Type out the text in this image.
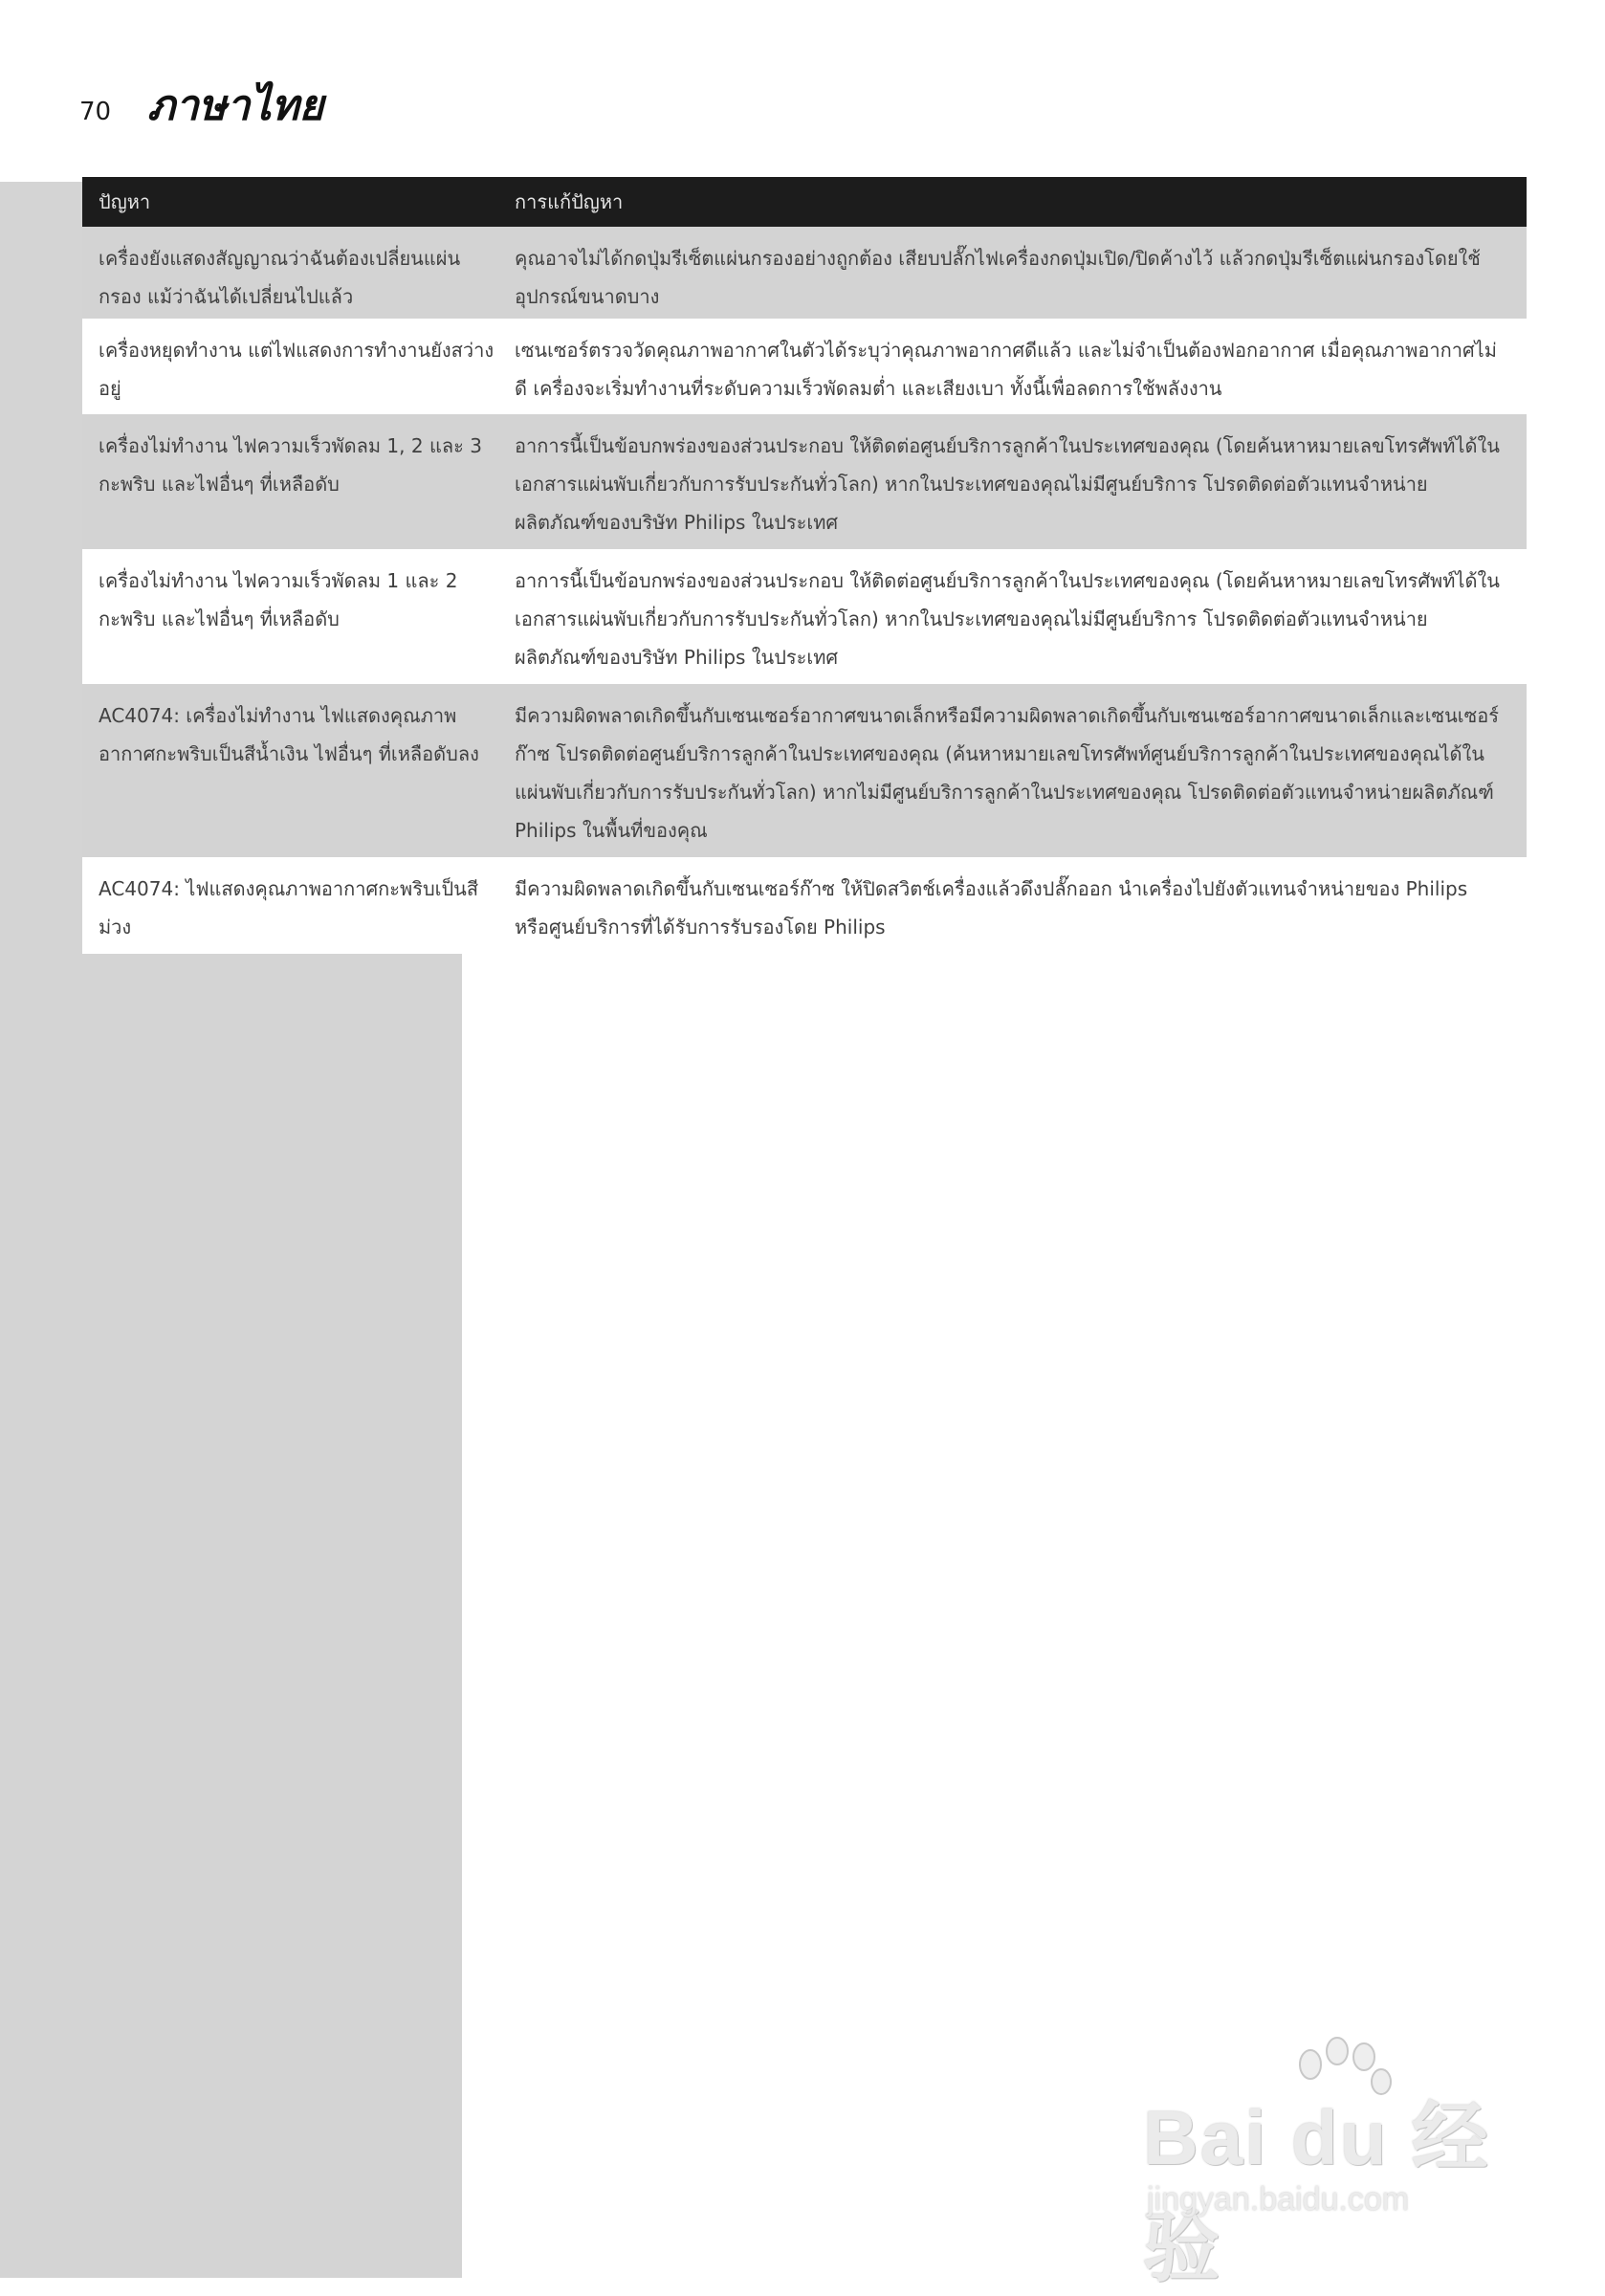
70 ภาษาไทย
ปัญหา	การแก้ปัญหา
เครื่องยังแสดงสัญญาณว่าฉันต้องเปลี่ยนแผ่นกรอง แม้ว่าฉันได้เปลี่ยนไปแล้ว
คุณอาจไม่ได้กดปุ่มรีเซ็ตแผ่นกรองอย่างถูกต้อง เสียบปลั๊กไฟเครื่องกดปุ่มเปิด/ปิดค้างไว้ แล้วกดปุ่มรีเซ็ตแผ่นกรองโดยใช้อุปกรณ์ขนาดบาง
เครื่องหยุดทำงาน แต่ไฟแสดงการทำงานยังสว่างอยู่
เซนเซอร์ตรวจวัดคุณภาพอากาศในตัวได้ระบุว่าคุณภาพอากาศดีแล้ว และไม่จำเป็นต้องฟอกอากาศ เมื่อคุณภาพอากาศไม่ดี เครื่องจะเริ่มทำงานที่ระดับความเร็วพัดลมต่ำ และเสียงเบา ทั้งนี้เพื่อลดการใช้พลังงาน
เครื่องไม่ทำงาน ไฟความเร็วพัดลม 1, 2 และ 3 กะพริบ และไฟอื่นๆ ที่เหลือดับ
อาการนี้เป็นข้อบกพร่องของส่วนประกอบ ให้ติดต่อศูนย์บริการลูกค้าในประเทศของคุณ (โดยค้นหาหมายเลขโทรศัพท์ได้ในเอกสารแผ่นพับเกี่ยวกับการรับประกันทั่วโลก) หากในประเทศของคุณไม่มีศูนย์บริการ โปรดติดต่อตัวแทนจำหน่ายผลิตภัณฑ์ของบริษัท Philips ในประเทศ
เครื่องไม่ทำงาน ไฟความเร็วพัดลม 1 และ 2 กะพริบ และไฟอื่นๆ ที่เหลือดับ
อาการนี้เป็นข้อบกพร่องของส่วนประกอบ ให้ติดต่อศูนย์บริการลูกค้าในประเทศของคุณ (โดยค้นหาหมายเลขโทรศัพท์ได้ในเอกสารแผ่นพับเกี่ยวกับการรับประกันทั่วโลก) หากในประเทศของคุณไม่มีศูนย์บริการ โปรดติดต่อตัวแทนจำหน่ายผลิตภัณฑ์ของบริษัท Philips ในประเทศ
AC4074: เครื่องไม่ทำงาน ไฟแสดงคุณภาพอากาศกะพริบเป็นสีน้ำเงิน ไฟอื่นๆ ที่เหลือดับลง
มีความผิดพลาดเกิดขึ้นกับเซนเซอร์อากาศขนาดเล็กหรือมีความผิดพลาดเกิดขึ้นกับเซนเซอร์อากาศขนาดเล็กและเซนเซอร์ก๊าซ โปรดติดต่อศูนย์บริการลูกค้าในประเทศของคุณ (ค้นหาหมายเลขโทรศัพท์ศูนย์บริการลูกค้าในประเทศของคุณได้ในแผ่นพับเกี่ยวกับการรับประกันทั่วโลก) หากไม่มีศูนย์บริการลูกค้าในประเทศของคุณ โปรดติดต่อตัวแทนจำหน่ายผลิตภัณฑ์ Philips ในพื้นที่ของคุณ
AC4074: ไฟแสดงคุณภาพอากาศกะพริบเป็นสีม่วง
มีความผิดพลาดเกิดขึ้นกับเซนเซอร์ก๊าซ ให้ปิดสวิตช์เครื่องแล้วดึงปลั๊กออก นำเครื่องไปยังตัวแทนจำหน่ายของ Philips หรือศูนย์บริการที่ได้รับการรับรองโดย Philips
Bai du 经验
jingyan.baidu.com
